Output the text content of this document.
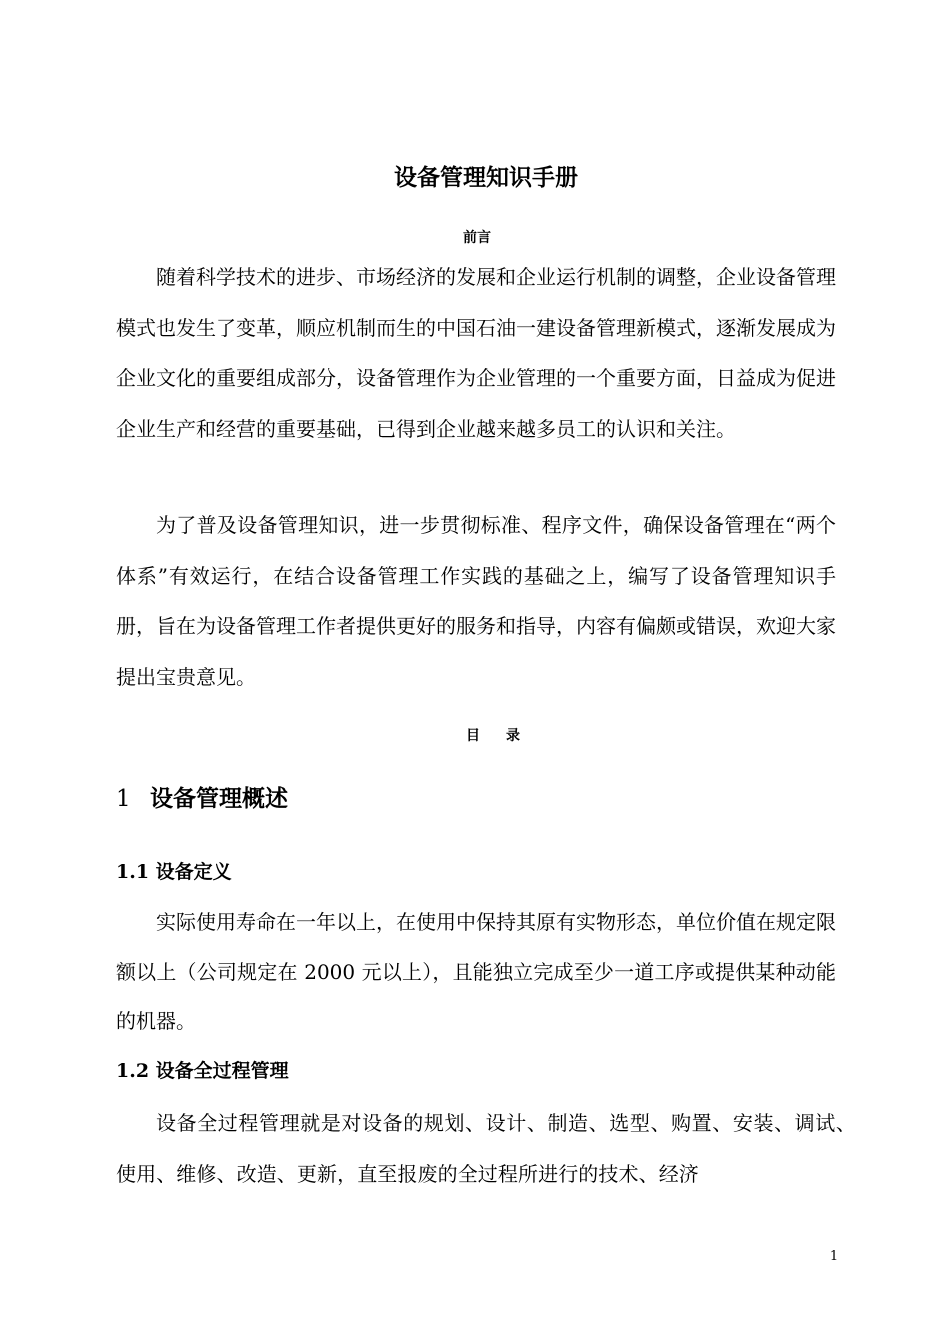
设备管理知识手册
前言

随着科学技术的进步、市场经济的发展和企业运行机制的调整，企业设备管理模式也发生了变革，顺应机制而生的中国石油一建设备管理新模式，逐渐发展成为企业文化的重要组成部分，设备管理作为企业管理的一个重要方面，日益成为促进企业生产和经营的重要基础，已得到企业越来越多员工的认识和关注。

为了普及设备管理知识，进一步贯彻标准、程序文件，确保设备管理在“两个体系”有效运行，在结合设备管理工作实践的基础之上，编写了设备管理知识手册，旨在为设备管理工作者提供更好的服务和指导，内容有偏颇或错误，欢迎大家提出宝贵意见。

目 录
1 设备管理概述
1.1 设备定义

实际使用寿命在一年以上，在使用中保持其原有实物形态，单位价值在规定限额以上（公司规定在 2000 元以上），且能独立完成至少一道工序或提供某种动能的机器。

1.2 设备全过程管理

设备全过程管理就是对设备的规划、设计、制造、选型、购置、安装、调试、使用、维修、改造、更新，直至报废的全过程所进行的技术、经济

1
